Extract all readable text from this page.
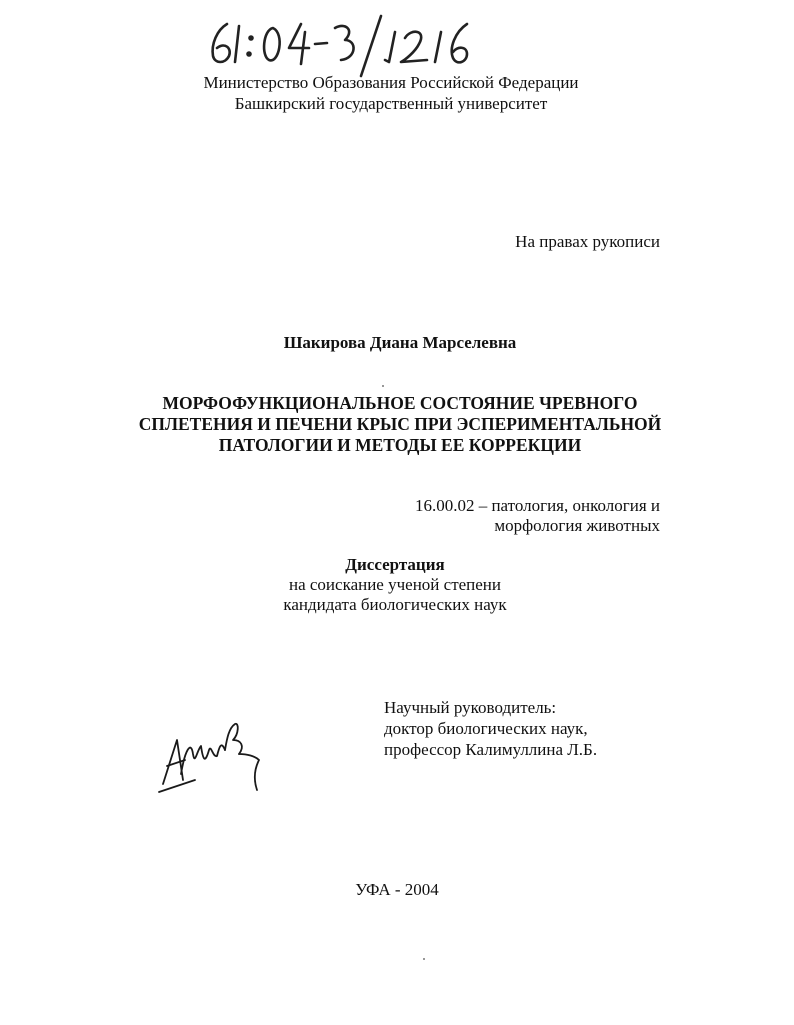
Министерство Образования Российской Федерации
Башкирский государственный университет
На правах рукописи
Шакирова Диана Марселевна
МОРФОФУНКЦИОНАЛЬНОЕ СОСТОЯНИЕ ЧРЕВНОГО
СПЛЕТЕНИЯ И ПЕЧЕНИ КРЫС ПРИ ЭСПЕРИМЕНТАЛЬНОЙ
ПАТОЛОГИИ И МЕТОДЫ ЕЕ КОРРЕКЦИИ
16.00.02 – патология, онкология и
морфология животных
Диссертация
на соискание ученой степени
кандидата биологических наук
Научный руководитель:
доктор биологических наук,
профессор Калимуллина Л.Б.
УФА - 2004
